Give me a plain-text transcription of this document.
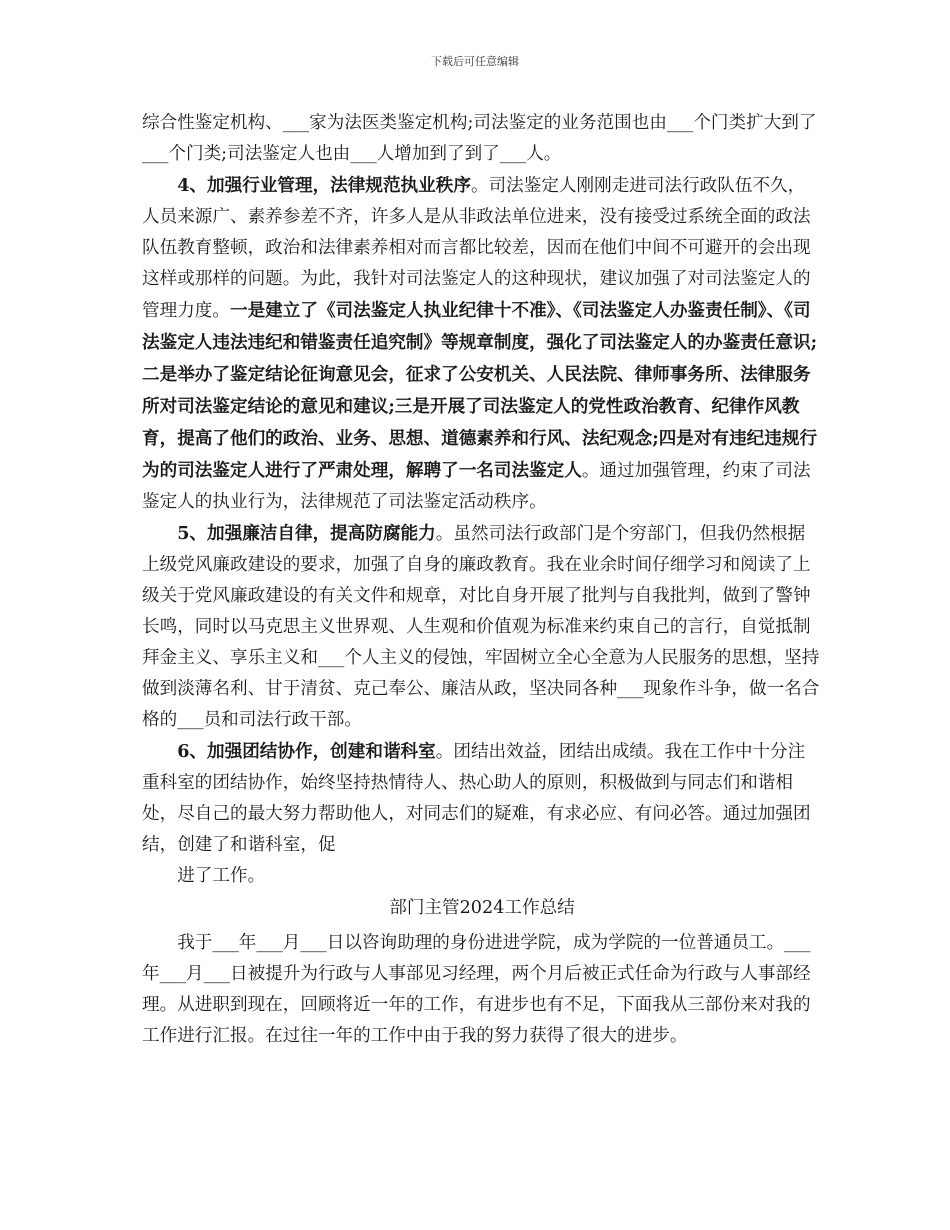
下载后可任意编辑

综合性鉴定机构、___家为法医类鉴定机构;司法鉴定的业务范围也由___个门类扩大到了___个门类;司法鉴定人也由___人增加到了到了___人。

4、加强行业管理，法律规范执业秩序。司法鉴定人刚刚走进司法行政队伍不久，人员来源广、素养参差不齐，许多人是从非政法单位进来，没有接受过系统全面的政法队伍教育整顿，政治和法律素养相对而言都比较差，因而在他们中间不可避开的会出现这样或那样的问题。为此，我针对司法鉴定人的这种现状，建议加强了对司法鉴定人的管理力度。一是建立了《司法鉴定人执业纪律十不准》、《司法鉴定人办鉴责任制》、《司法鉴定人违法违纪和错鉴责任追究制》等规章制度，强化了司法鉴定人的办鉴责任意识;二是举办了鉴定结论征询意见会，征求了公安机关、人民法院、律师事务所、法律服务所对司法鉴定结论的意见和建议;三是开展了司法鉴定人的党性政治教育、纪律作风教育，提高了他们的政治、业务、思想、道德素养和行风、法纪观念;四是对有违纪违规行为的司法鉴定人进行了严肃处理，解聘了一名司法鉴定人。通过加强管理，约束了司法鉴定人的执业行为，法律规范了司法鉴定活动秩序。

5、加强廉洁自律，提高防腐能力。虽然司法行政部门是个穷部门，但我仍然根据上级党风廉政建设的要求，加强了自身的廉政教育。我在业余时间仔细学习和阅读了上级关于党风廉政建设的有关文件和规章，对比自身开展了批判与自我批判，做到了警钟长鸣，同时以马克思主义世界观、人生观和价值观为标准来约束自己的言行，自觉抵制拜金主义、享乐主义和___个人主义的侵蚀，牢固树立全心全意为人民服务的思想，坚持做到淡薄名利、甘于清贫、克己奉公、廉洁从政，坚决同各种___现象作斗争，做一名合格的___员和司法行政干部。

6、加强团结协作，创建和谐科室。团结出效益，团结出成绩。我在工作中十分注重科室的团结协作，始终坚持热情待人、热心助人的原则，积极做到与同志们和谐相处，尽自己的最大努力帮助他人，对同志们的疑难，有求必应、有问必答。通过加强团结，创建了和谐科室，促

进了工作。

部门主管2024工作总结

我于___年___月___日以咨询助理的身份进进学院，成为学院的一位普通员工。___年___月___日被提升为行政与人事部见习经理，两个月后被正式任命为行政与人事部经理。从进职到现在，回顾将近一年的工作，有进步也有不足，下面我从三部份来对我的工作进行汇报。在过往一年的工作中由于我的努力获得了很大的进步。
